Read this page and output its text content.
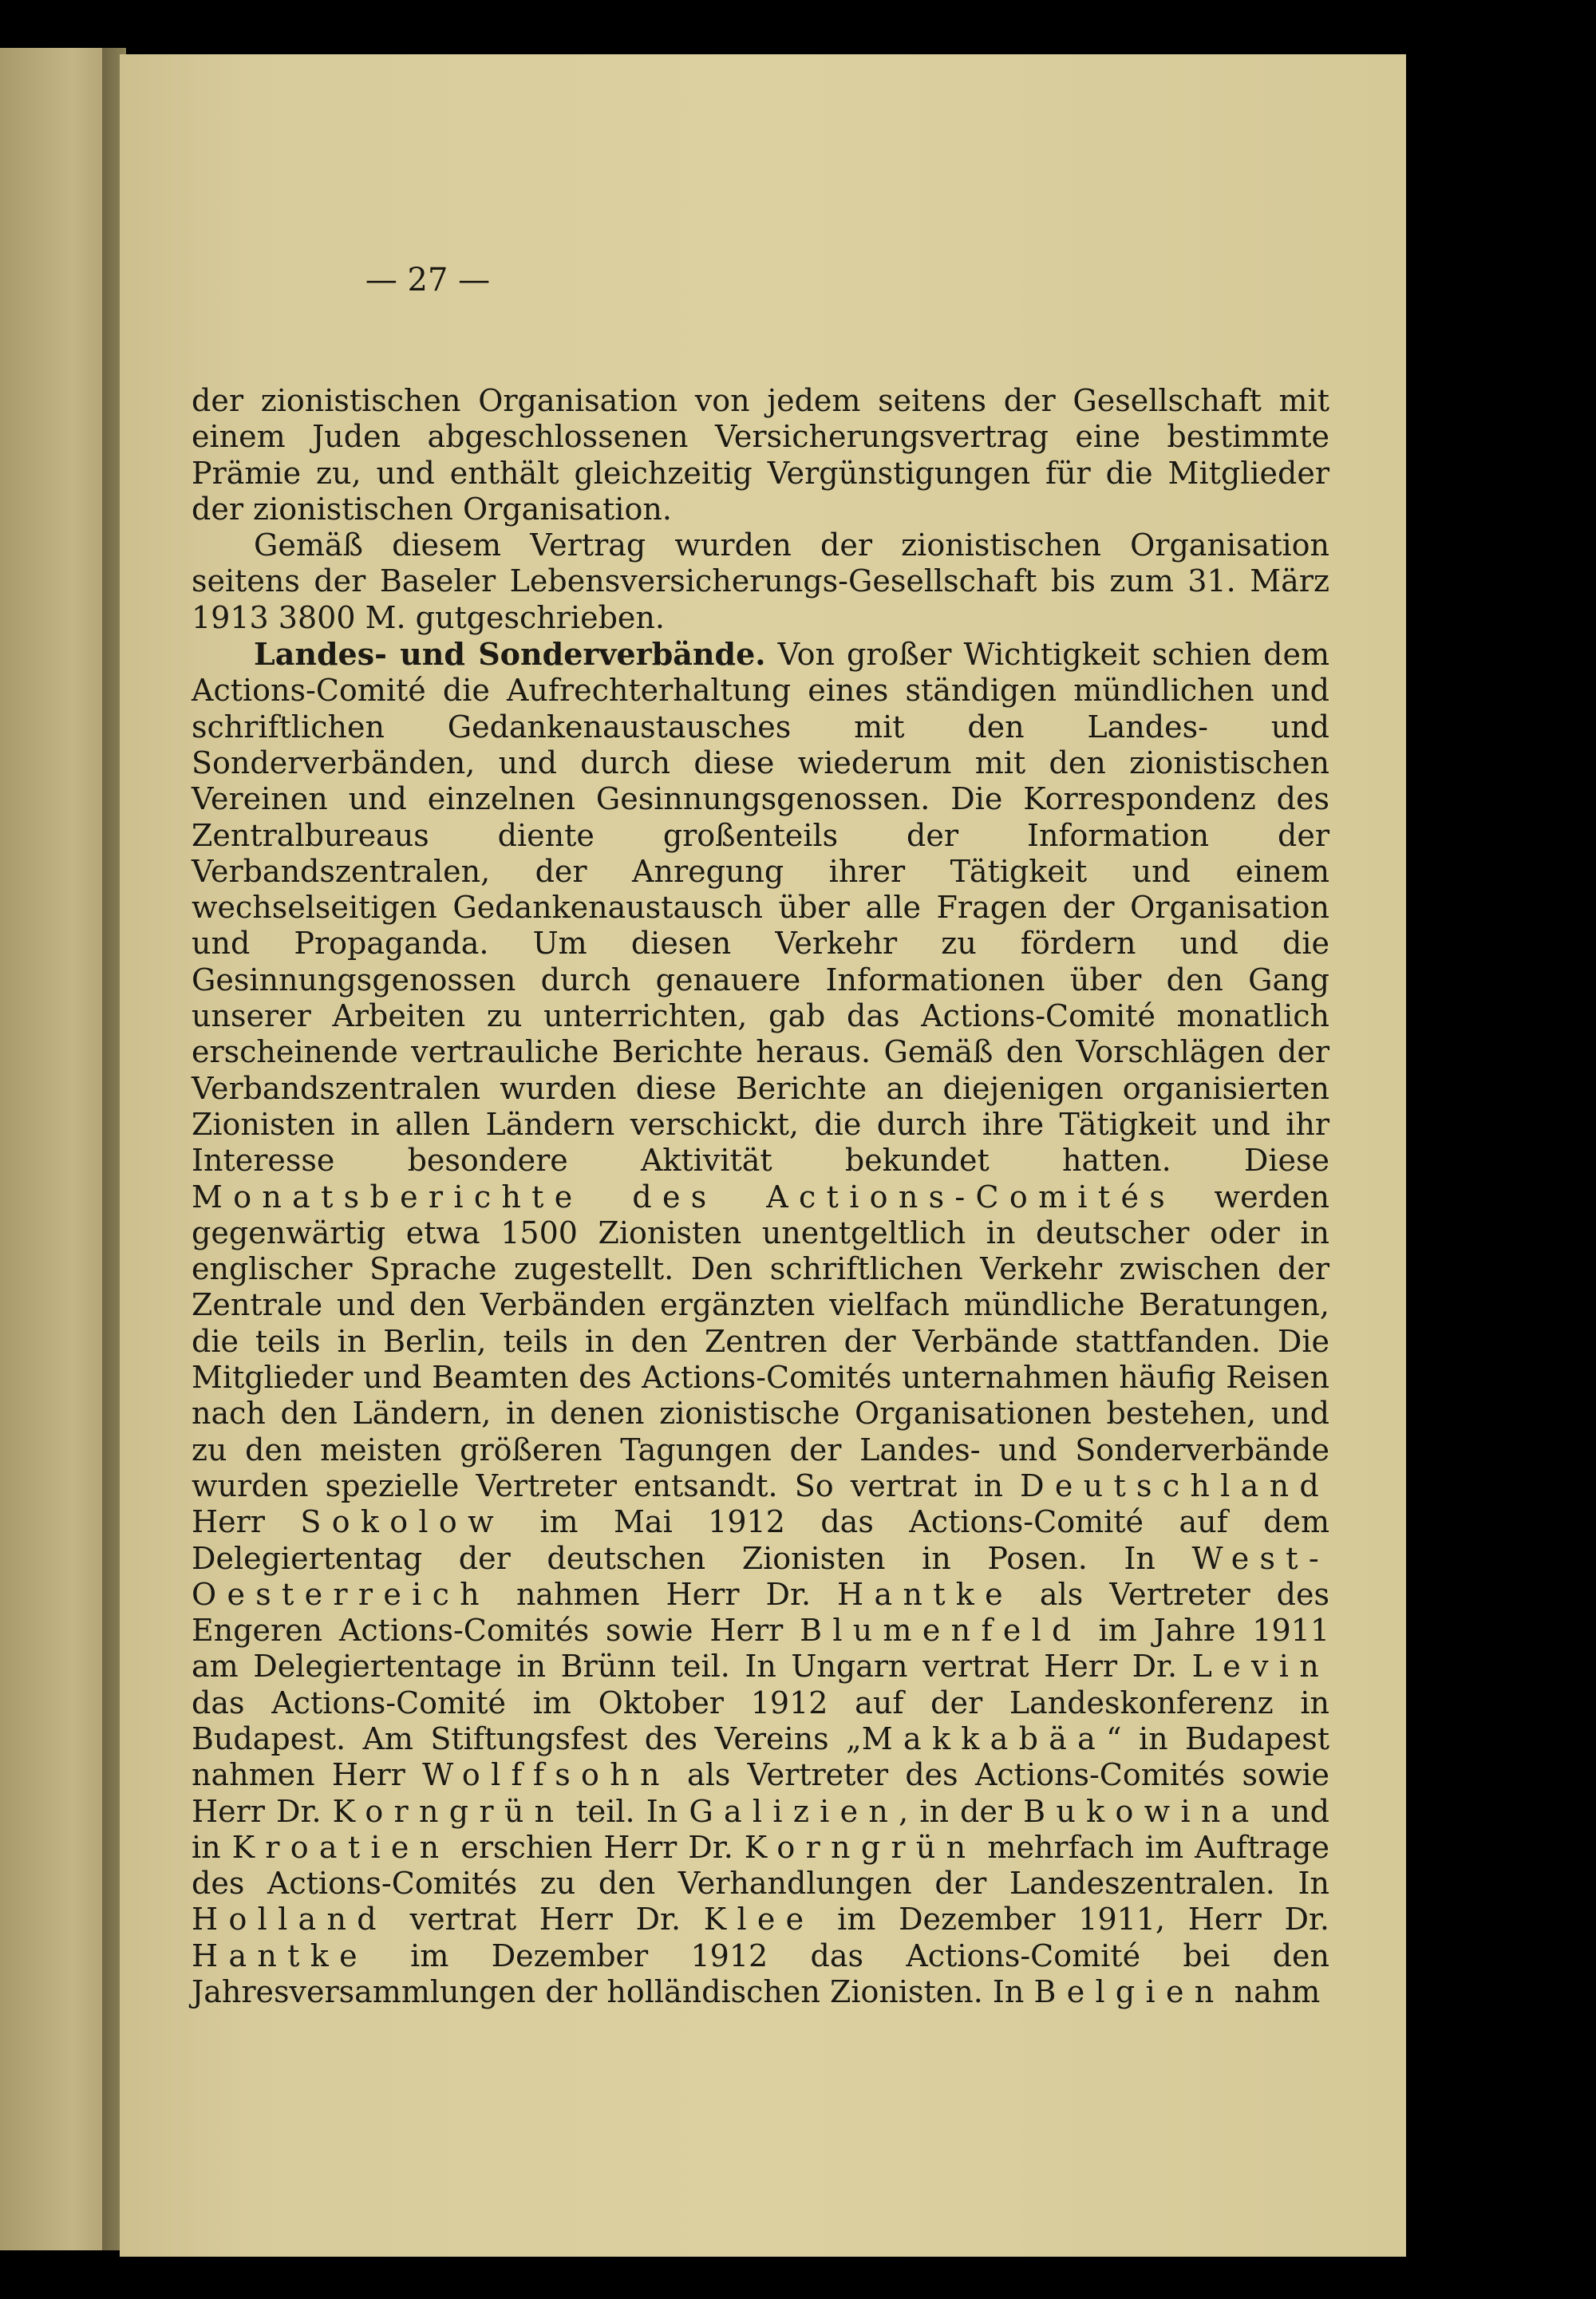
— 27 —

der zionistischen Organisation von jedem seitens der Gesellschaft mit einem Juden abgeschlossenen Versicherungsvertrag eine bestimmte Prämie zu, und enthält gleichzeitig Vergünstigungen für die Mitglieder der zionistischen Organisation.

Gemäß diesem Vertrag wurden der zionistischen Organisation seitens der Baseler Lebensversicherungs-Gesellschaft bis zum 31. März 1913 3800 M. gutgeschrieben.

Landes- und Sonderverbände. Von großer Wichtigkeit schien dem Actions-Comité die Aufrechterhaltung eines ständigen mündlichen und schriftlichen Gedankenaustausches mit den Landes- und Sonderverbänden, und durch diese wiederum mit den zionistischen Vereinen und einzelnen Gesinnungsgenossen. Die Korrespondenz des Zentralbureaus diente großenteils der Information der Verbandszentralen, der Anregung ihrer Tätigkeit und einem wechselseitigen Gedankenaustausch über alle Fragen der Organisation und Propaganda. Um diesen Verkehr zu fördern und die Gesinnungsgenossen durch genauere Informationen über den Gang unserer Arbeiten zu unterrichten, gab das Actions-Comité monatlich erscheinende vertrauliche Berichte heraus. Gemäß den Vorschlägen der Verbandszentralen wurden diese Berichte an diejenigen organisierten Zionisten in allen Ländern verschickt, die durch ihre Tätigkeit und ihr Interesse besondere Aktivität bekundet hatten. Diese Monatsberichte des Actions-Comités werden gegenwärtig etwa 1500 Zionisten unentgeltlich in deutscher oder in englischer Sprache zugestellt. Den schriftlichen Verkehr zwischen der Zentrale und den Verbänden ergänzten vielfach mündliche Beratungen, die teils in Berlin, teils in den Zentren der Verbände stattfanden. Die Mitglieder und Beamten des Actions-Comités unternahmen häufig Reisen nach den Ländern, in denen zionistische Organisationen bestehen, und zu den meisten größeren Tagungen der Landes- und Sonderverbände wurden spezielle Vertreter entsandt. So vertrat in Deutschland Herr Sokolow im Mai 1912 das Actions-Comité auf dem Delegiertentag der deutschen Zionisten in Posen. In West-Oesterreich nahmen Herr Dr. Hantke als Vertreter des Engeren Actions-Comités sowie Herr Blumenfeld im Jahre 1911 am Delegiertentage in Brünn teil. In Ungarn vertrat Herr Dr. Levin das Actions-Comité im Oktober 1912 auf der Landeskonferenz in Budapest. Am Stiftungsfest des Vereins „Makkabäa“ in Budapest nahmen Herr Wolffsohn als Vertreter des Actions-Comités sowie Herr Dr. Korngrün teil. In Galizien, in der Bukowina und in Kroatien erschien Herr Dr. Korngrün mehrfach im Auftrage des Actions-Comités zu den Verhandlungen der Landeszentralen. In Holland vertrat Herr Dr. Klee im Dezember 1911, Herr Dr. Hantke im Dezember 1912 das Actions-Comité bei den Jahresversammlungen der holländischen Zionisten. In Belgien nahm
